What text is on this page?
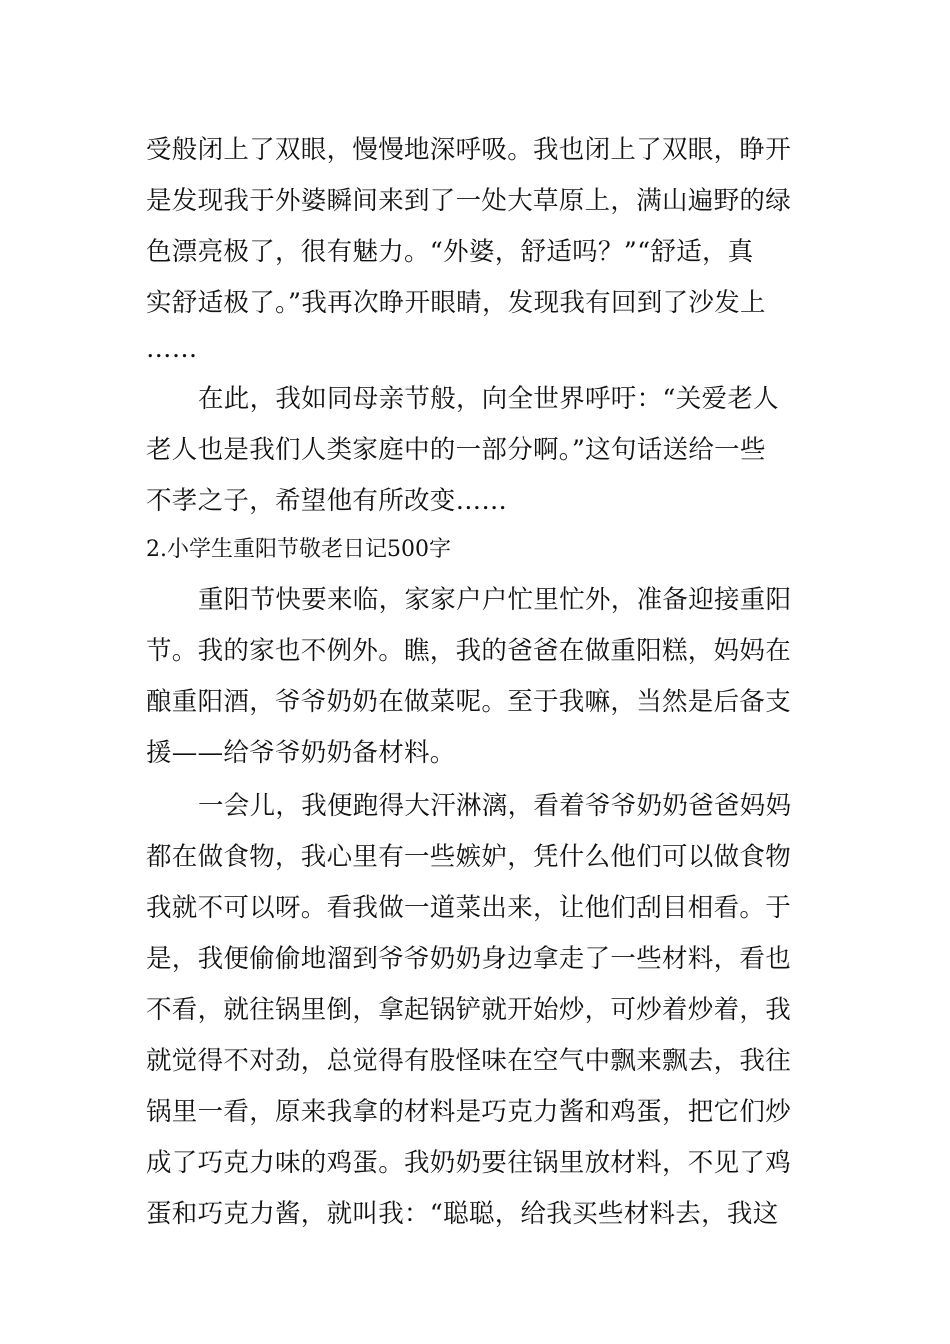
受般闭上了双眼，慢慢地深呼吸。我也闭上了双眼，睁开

是发现我于外婆瞬间来到了一处大草原上，满山遍野的绿

色漂亮极了，很有魅力。“外婆，舒适吗？”“舒适，真

实舒适极了。”我再次睁开眼睛，发现我有回到了沙发上

……

在此，我如同母亲节般，向全世界呼吁：“关爱老人

老人也是我们人类家庭中的一部分啊。”这句话送给一些

不孝之子，希望他有所改变……

2.小学生重阳节敬老日记500字

重阳节快要来临，家家户户忙里忙外，准备迎接重阳

节。我的家也不例外。瞧，我的爸爸在做重阳糕，妈妈在

酿重阳酒，爷爷奶奶在做菜呢。至于我嘛，当然是后备支

援——给爷爷奶奶备材料。

一会儿，我便跑得大汗淋漓，看着爷爷奶奶爸爸妈妈

都在做食物，我心里有一些嫉妒，凭什么他们可以做食物

我就不可以呀。看我做一道菜出来，让他们刮目相看。于

是，我便偷偷地溜到爷爷奶奶身边拿走了一些材料，看也

不看，就往锅里倒，拿起锅铲就开始炒，可炒着炒着，我

就觉得不对劲，总觉得有股怪味在空气中飘来飘去，我往

锅里一看，原来我拿的材料是巧克力酱和鸡蛋，把它们炒

成了巧克力味的鸡蛋。我奶奶要往锅里放材料，不见了鸡

蛋和巧克力酱，就叫我：“聪聪，给我买些材料去，我这
